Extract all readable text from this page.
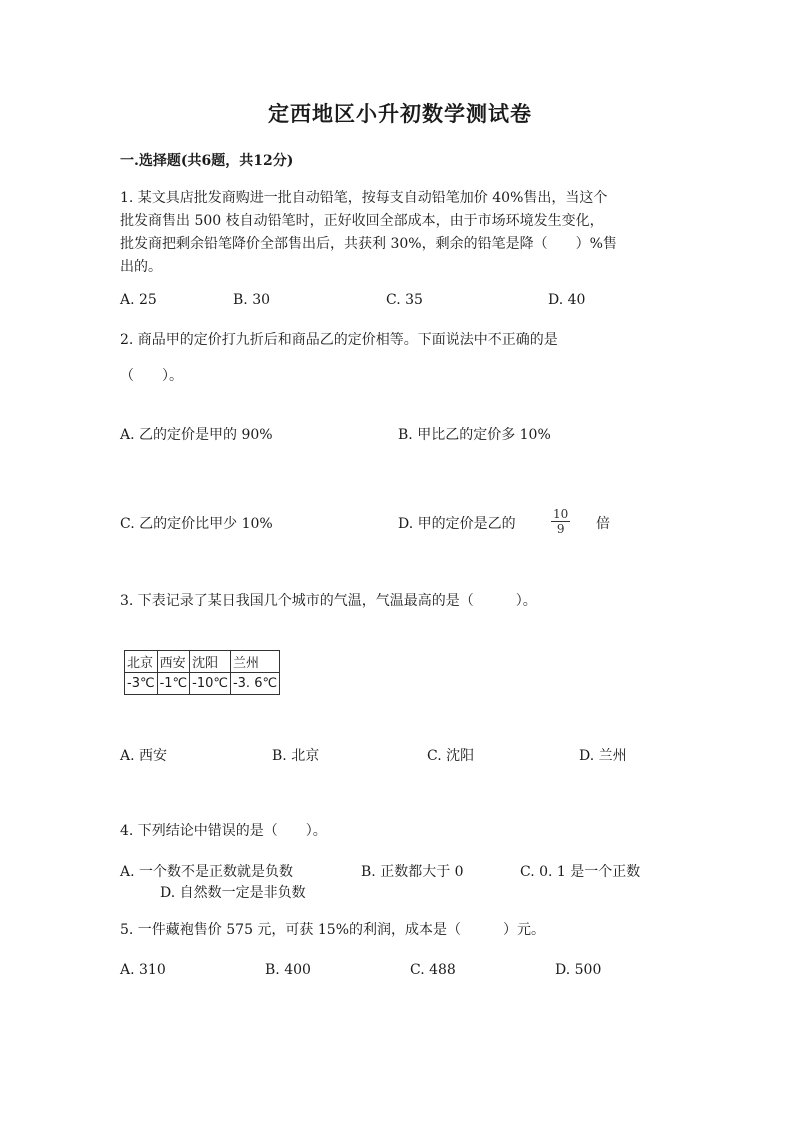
定西地区小升初数学测试卷
一.选择题(共6题，共12分)
1. 某文具店批发商购进一批自动铅笔，按每支自动铅笔加价 40%售出，当这个
批发商售出 500 枝自动铅笔时，正好收回全部成本，由于市场环境发生变化，
批发商把剩余铅笔降价全部售出后，共获利 30%，剩余的铅笔是降（　　）%售
出的。
A. 25	B. 30	C. 35	D. 40
2. 商品甲的定价打九折后和商品乙的定价相等。下面说法中不正确的是
（　　）。
A. 乙的定价是甲的 90%	B. 甲比乙的定价多 10%
C. 乙的定价比甲少 10%	D. 甲的定价是乙的	$\frac{10}{9}$ 倍
3. 下表记录了某日我国几个城市的气温，气温最高的是（　　　）。
北京	西安	沈阳	兰州
-3℃	-1℃	-10℃	-3. 6℃
A. 西安	B. 北京	C. 沈阳	D. 兰州
4. 下列结论中错误的是（　　）。
A. 一个数不是正数就是负数	B. 正数都大于 0	C. 0. 1 是一个正数
D. 自然数一定是非负数
5. 一件藏袍售价 575 元，可获 15%的利润，成本是（　　　）元。
A. 310	B. 400	C. 488	D. 500
